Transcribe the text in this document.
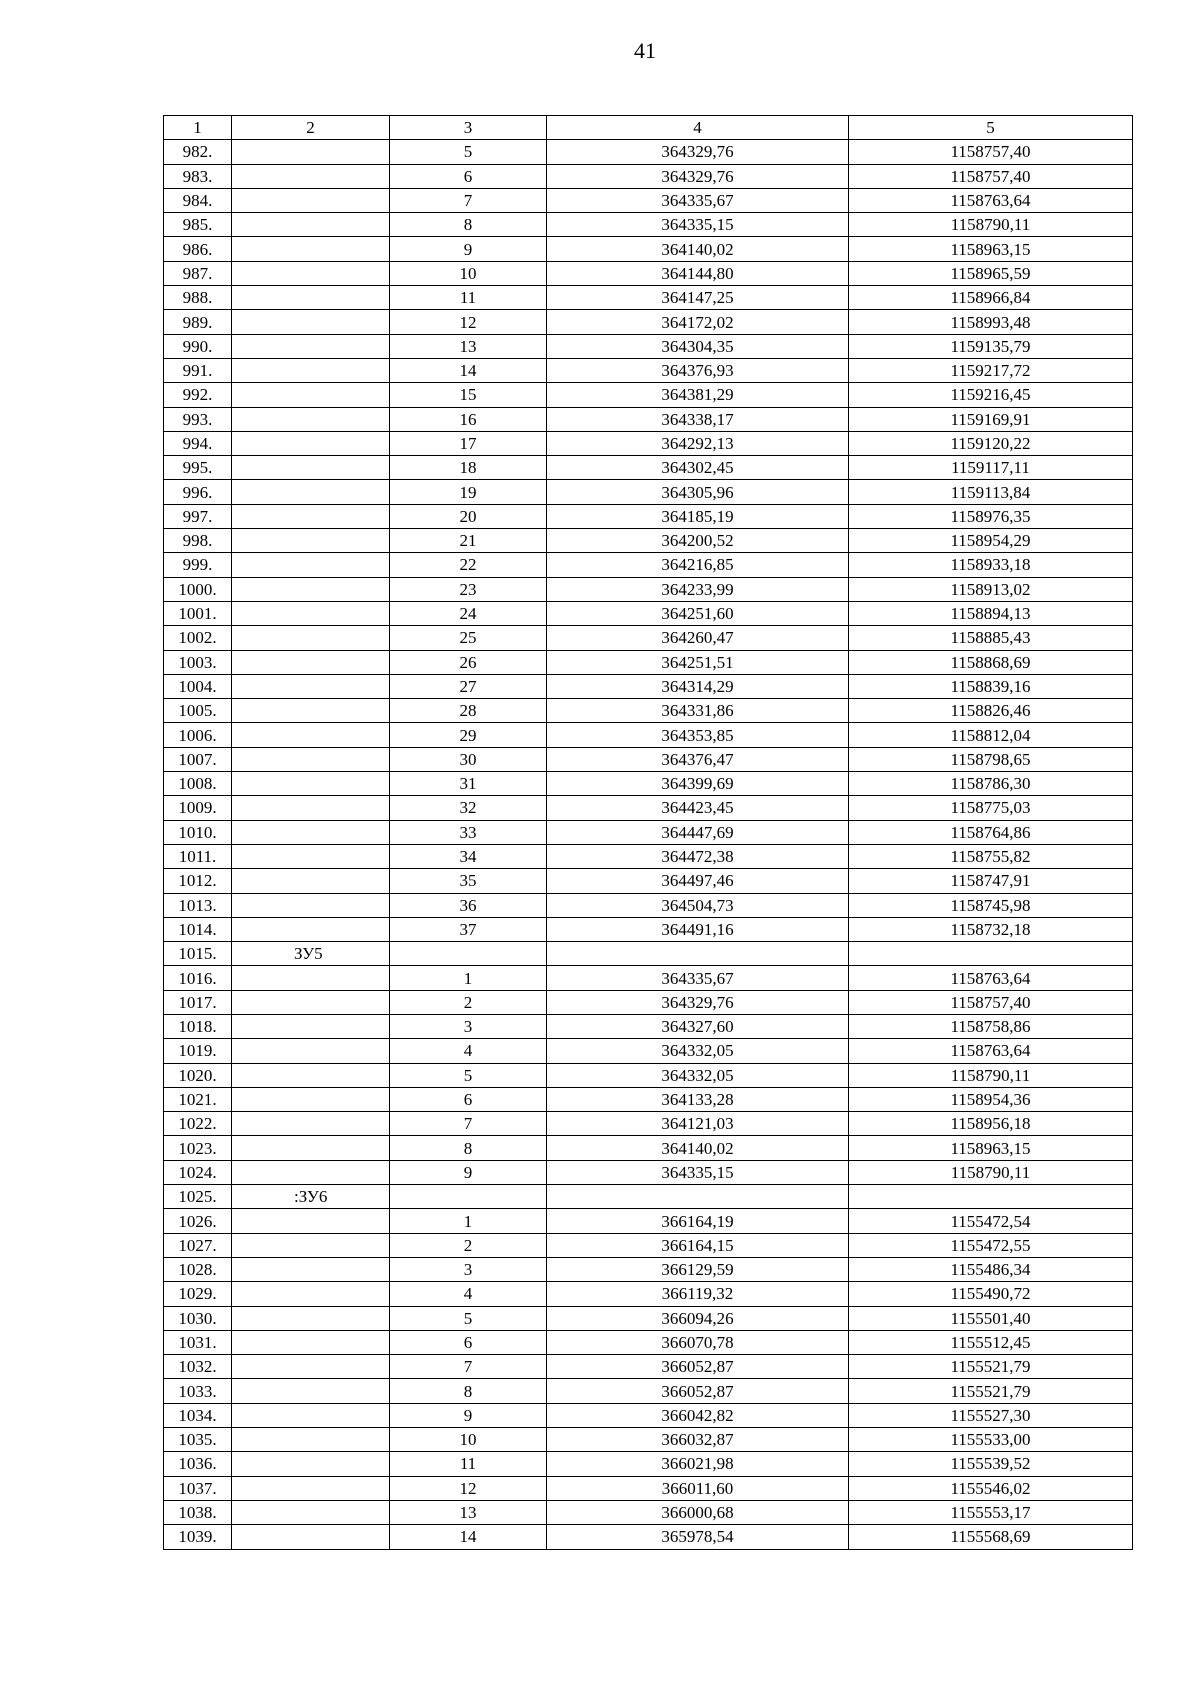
41
1	2	3	4	5
982.		5	364329,76	1158757,40
983.		6	364329,76	1158757,40
984.		7	364335,67	1158763,64
985.		8	364335,15	1158790,11
986.		9	364140,02	1158963,15
987.		10	364144,80	1158965,59
988.		11	364147,25	1158966,84
989.		12	364172,02	1158993,48
990.		13	364304,35	1159135,79
991.		14	364376,93	1159217,72
992.		15	364381,29	1159216,45
993.		16	364338,17	1159169,91
994.		17	364292,13	1159120,22
995.		18	364302,45	1159117,11
996.		19	364305,96	1159113,84
997.		20	364185,19	1158976,35
998.		21	364200,52	1158954,29
999.		22	364216,85	1158933,18
1000.		23	364233,99	1158913,02
1001.		24	364251,60	1158894,13
1002.		25	364260,47	1158885,43
1003.		26	364251,51	1158868,69
1004.		27	364314,29	1158839,16
1005.		28	364331,86	1158826,46
1006.		29	364353,85	1158812,04
1007.		30	364376,47	1158798,65
1008.		31	364399,69	1158786,30
1009.		32	364423,45	1158775,03
1010.		33	364447,69	1158764,86
1011.		34	364472,38	1158755,82
1012.		35	364497,46	1158747,91
1013.		36	364504,73	1158745,98
1014.		37	364491,16	1158732,18
1015.	ЗУ5			
1016.		1	364335,67	1158763,64
1017.		2	364329,76	1158757,40
1018.		3	364327,60	1158758,86
1019.		4	364332,05	1158763,64
1020.		5	364332,05	1158790,11
1021.		6	364133,28	1158954,36
1022.		7	364121,03	1158956,18
1023.		8	364140,02	1158963,15
1024.		9	364335,15	1158790,11
1025.	:ЗУ6			
1026.		1	366164,19	1155472,54
1027.		2	366164,15	1155472,55
1028.		3	366129,59	1155486,34
1029.		4	366119,32	1155490,72
1030.		5	366094,26	1155501,40
1031.		6	366070,78	1155512,45
1032.		7	366052,87	1155521,79
1033.		8	366052,87	1155521,79
1034.		9	366042,82	1155527,30
1035.		10	366032,87	1155533,00
1036.		11	366021,98	1155539,52
1037.		12	366011,60	1155546,02
1038.		13	366000,68	1155553,17
1039.		14	365978,54	1155568,69
